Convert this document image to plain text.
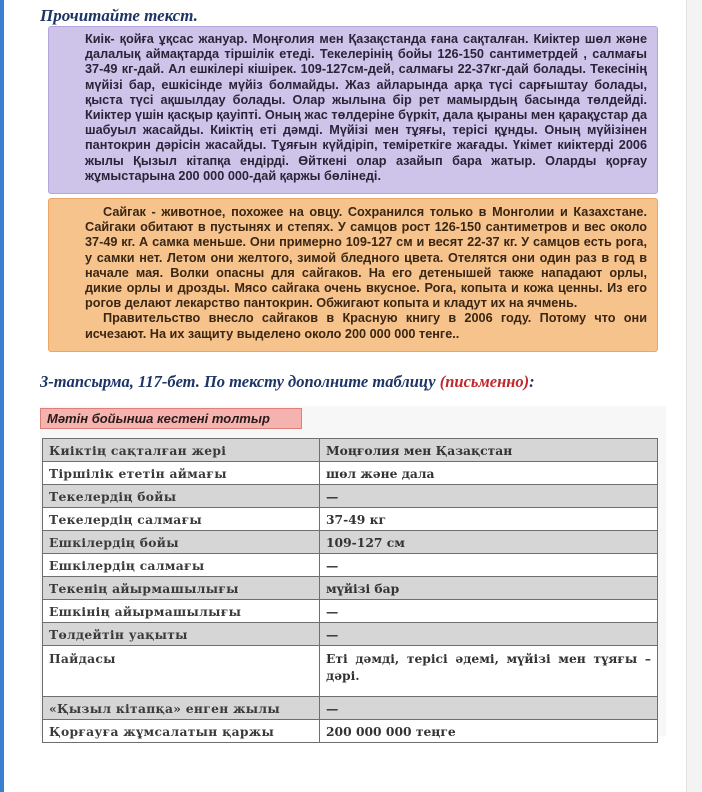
Прочитайте текст.

Киік- қойға ұқсас жануар. Моңғолия мен Қазақстанда ғана сақталған. Киіктер шөл және далалық аймақтарда тіршілік етеді. Текелерінің бойы 126-150 сантиметрдей , салмағы 37-49 кг-дай. Ал ешкілері кішірек. 109-127см-дей, салмағы 22-37кг-дай болады. Текесінің мүйізі бар, ешкісінде мүйіз болмайды. Жаз айларында арқа түсі сарғыштау болады, қыста түсі ақшылдау болады. Олар жылына бір рет мамырдың басында төлдейді. Киіктер үшін қасқыр қауіпті. Оның жас төлдеріне бүркіт, дала қыраны мен қарақұстар да шабуыл жасайды. Киіктің еті дәмді. Мүйізі мен тұяғы, терісі құнды. Оның мүйізінен пантокрин дәрісін жасайды. Тұяғын күйдіріп, теміреткіге жағады. Үкімет киіктерді 2006 жылы Қызыл кітапқа ендірді. Өйткені олар азайып бара жатыр. Оларды қорғау жұмыстарына 200 000 000-дай қаржы бөлінеді.

Сайгак - животное, похожее на овцу. Сохранился только в Монголии и Казахстане. Сайгаки обитают в пустынях и степях. У самцов рост 126-150 сантиметров и вес около 37-49 кг. А самка меньше. Они примерно 109-127 см и весят 22-37 кг. У самцов есть рога, у самки нет. Летом они желтого, зимой бледного цвета. Отелятся они один раз в год в начале мая. Волки опасны для сайгаков. На его детенышей также нападают орлы, дикие орлы и дрозды. Мясо сайгака очень вкусное. Рога, копыта и кожа ценны. Из его рогов делают лекарство пантокрин. Обжигают копыта и кладут их на ячмень.

Правительство внесло сайгаков в Красную книгу в 2006 году. Потому что они исчезают. На их защиту выделено около 200 000 000 тенге..

3-тапсырма, 117-бет. По тексту дополните таблицу (письменно):
Мәтін бойынша кестені толтыр
Киіктің сақталған жері	Моңғолия мен Қазақстан
Тіршілік ететін аймағы	шөл және дала
Текелердің бойы	—
Текелердің салмағы	37-49 кг
Ешкілердің бойы	109-127 см
Ешкілердің салмағы	—
Текенің айырмашылығы	мүйізі бар
Ешкінің айырмашылығы	—
Төлдейтін уақыты	—
Пайдасы	Еті дәмді, терісі әдемі, мүйізі мен тұяғы – дәрі.
«Қызыл кітапқа» енген жылы	—
Қорғауға жұмсалатын қаржы	200 000 000 теңге
